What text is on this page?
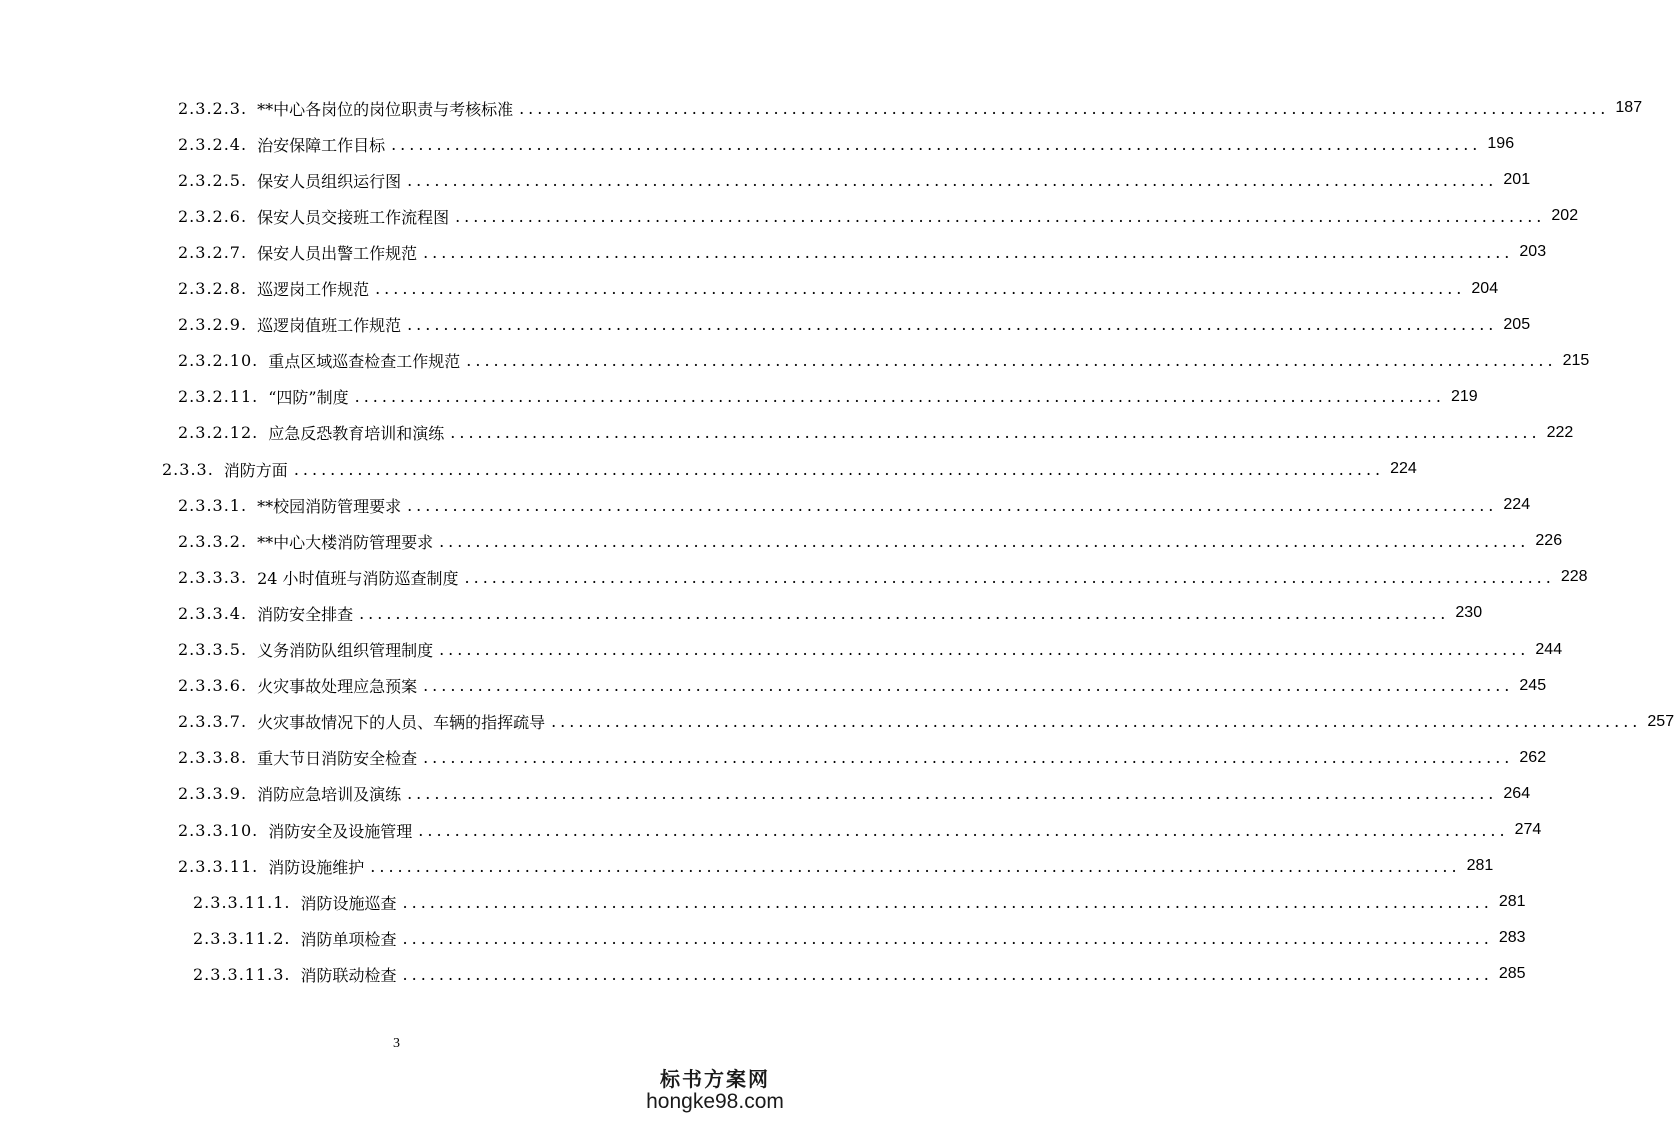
2.3.2.3. **中心各岗位的岗位职责与考核标准 ........................................................................................................................ 187
2.3.2.4. 治安保障工作目标 ........................................................................................................................ 196
2.3.2.5. 保安人员组织运行图 ........................................................................................................................ 201
2.3.2.6. 保安人员交接班工作流程图 ........................................................................................................................ 202
2.3.2.7. 保安人员出警工作规范 ........................................................................................................................ 203
2.3.2.8. 巡逻岗工作规范 ........................................................................................................................ 204
2.3.2.9. 巡逻岗值班工作规范 ........................................................................................................................ 205
2.3.2.10. 重点区域巡查检查工作规范 ........................................................................................................................ 215
2.3.2.11. “四防”制度 ........................................................................................................................ 219
2.3.2.12. 应急反恐教育培训和演练 ........................................................................................................................ 222
2.3.3. 消防方面 ........................................................................................................................ 224
2.3.3.1. **校园消防管理要求 ........................................................................................................................ 224
2.3.3.2. **中心大楼消防管理要求 ........................................................................................................................ 226
2.3.3.3. 24 小时值班与消防巡查制度 ........................................................................................................................ 228
2.3.3.4. 消防安全排查 ........................................................................................................................ 230
2.3.3.5. 义务消防队组织管理制度 ........................................................................................................................ 244
2.3.3.6. 火灾事故处理应急预案 ........................................................................................................................ 245
2.3.3.7. 火灾事故情况下的人员、车辆的指挥疏导 ........................................................................................................................ 257
2.3.3.8. 重大节日消防安全检查 ........................................................................................................................ 262
2.3.3.9. 消防应急培训及演练 ........................................................................................................................ 264
2.3.3.10. 消防安全及设施管理 ........................................................................................................................ 274
2.3.3.11. 消防设施维护 ........................................................................................................................ 281
2.3.3.11.1. 消防设施巡查 ........................................................................................................................ 281
2.3.3.11.2. 消防单项检查 ........................................................................................................................ 283
2.3.3.11.3. 消防联动检查 ........................................................................................................................ 285
3
标书方案网
hongke98.com
